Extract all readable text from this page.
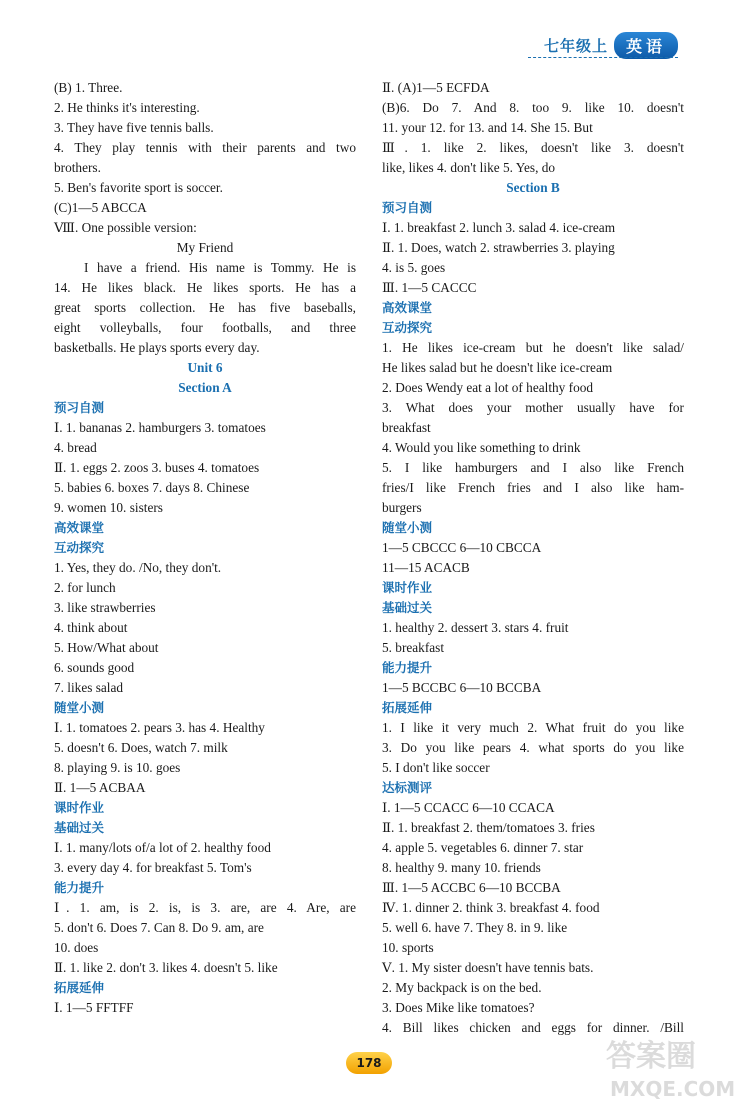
七年级上	英语
(B) 1. Three.
2. He thinks it's interesting.
3. They have five tennis balls.
4. They play tennis with their parents and two
brothers.
5. Ben's favorite sport is soccer.
(C)1—5 ABCCA
Ⅷ. One possible version:
My Friend
I have a friend. His name is Tommy. He is
14. He likes black. He likes sports. He has a
great sports collection. He has five baseballs,
eight volleyballs, four footballs, and three
basketballs. He plays sports every day.
Unit 6
Section A
预习自测
Ⅰ. 1. bananas 2. hamburgers 3. tomatoes
4. bread
Ⅱ. 1. eggs 2. zoos 3. buses 4. tomatoes
5. babies 6. boxes 7. days 8. Chinese
9. women 10. sisters
高效课堂
互动探究
1. Yes, they do. /No, they don't.
2. for lunch
3. like strawberries
4. think about
5. How/What about
6. sounds good
7. likes salad
随堂小测
Ⅰ. 1. tomatoes 2. pears 3. has 4. Healthy
5. doesn't 6. Does, watch 7. milk
8. playing 9. is 10. goes
Ⅱ. 1—5 ACBAA
课时作业
基础过关
Ⅰ. 1. many/lots of/a lot of 2. healthy food
3. every day 4. for breakfast 5. Tom's
能力提升
Ⅰ. 1. am, is 2. is, is 3. are, are 4. Are, are
5. don't 6. Does 7. Can 8. Do 9. am, are
10. does
Ⅱ. 1. like 2. don't 3. likes 4. doesn't 5. like
拓展延伸
Ⅰ. 1—5 FFTFF
Ⅱ. (A)1—5 ECFDA
(B)6. Do 7. And 8. too 9. like 10. doesn't
11. your 12. for 13. and 14. She 15. But
Ⅲ. 1. like 2. likes, doesn't like 3. doesn't
like, likes 4. don't like 5. Yes, do
Section B
预习自测
Ⅰ. 1. breakfast 2. lunch 3. salad 4. ice-cream
Ⅱ. 1. Does, watch 2. strawberries 3. playing
4. is 5. goes
Ⅲ. 1—5 CACCC
高效课堂
互动探究
1. He likes ice-cream but he doesn't like salad/
He likes salad but he doesn't like ice-cream
2. Does Wendy eat a lot of healthy food
3. What does your mother usually have for
breakfast
4. Would you like something to drink
5. I like hamburgers and I also like French
fries/I like French fries and I also like ham-
burgers
随堂小测
1—5 CBCCC 6—10 CBCCA
11—15 ACACB
课时作业
基础过关
1. healthy 2. dessert 3. stars 4. fruit
5. breakfast
能力提升
1—5 BCCBC 6—10 BCCBA
拓展延伸
1. I like it very much 2. What fruit do you like
3. Do you like pears 4. what sports do you like
5. I don't like soccer
达标测评
Ⅰ. 1—5 CCACC 6—10 CCACA
Ⅱ. 1. breakfast 2. them/tomatoes 3. fries
4. apple 5. vegetables 6. dinner 7. star
8. healthy 9. many 10. friends
Ⅲ. 1—5 ACCBC 6—10 BCCBA
Ⅳ. 1. dinner 2. think 3. breakfast 4. food
5. well 6. have 7. They 8. in 9. like
10. sports
Ⅴ. 1. My sister doesn't have tennis bats.
2. My backpack is on the bed.
3. Does Mike like tomatoes?
4. Bill likes chicken and eggs for dinner. /Bill
178	答案圈
MXQE.COM
